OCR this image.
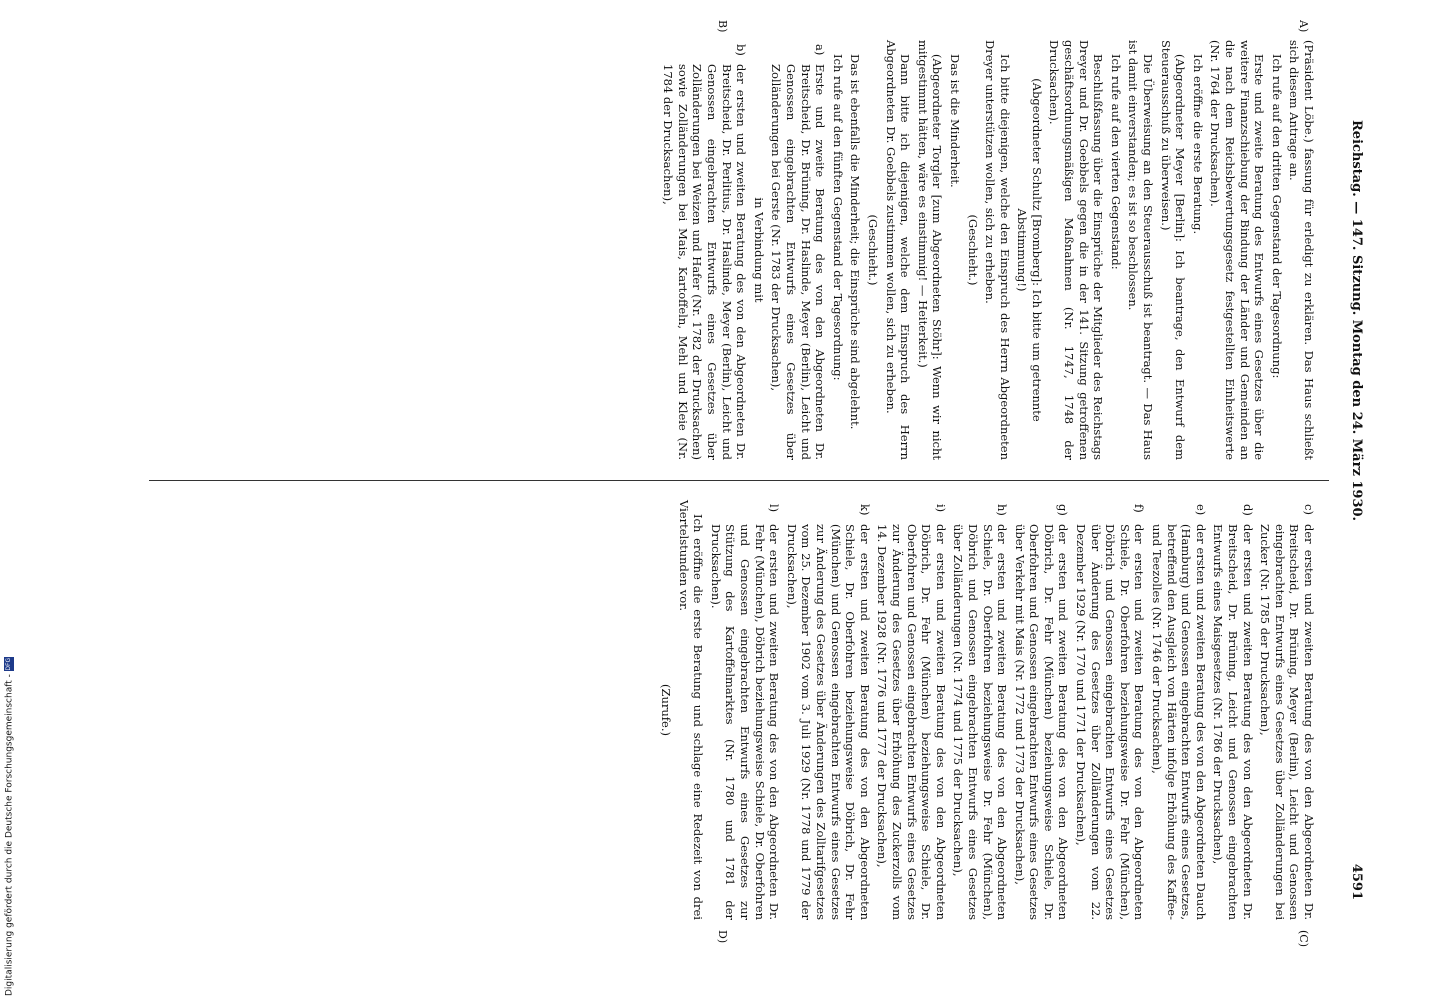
Reichstag. — 147. Sitzung. Montag den 24. März 1930.
4591
A)
B)
(C)
D)

(Präsident Löbe.) fassung für erledigt zu erklären. Das Haus schließt sich diesem Antrage an.

Ich rufe auf den dritten Gegenstand der Tagesordnung:

Erste und zweite Beratung des Entwurfs eines Gesetzes über die weitere Finanzschiebung der Bindung der Länder und Gemeinden an die nach dem Reichsbewertungsgesetz festgestellten Einheitswerte (Nr. 1764 der Drucksachen).

Ich eröffne die erste Beratung.

(Abgeordneter Meyer [Berlin]: Ich beantrage, den Entwurf dem Steuerausschuß zu überweisen.)

Die Überweisung an den Steuerausschuß ist beantragt. — Das Haus ist damit einverstanden; es ist so beschlossen.

Ich rufe auf den vierten Gegenstand:

Beschlußfassung über die Einsprüche der Mitglieder des Reichstags Dreyer und Dr. Goebbels gegen die in der 141. Sitzung getroffenen geschäftsordnungsmäßigen Maßnahmen (Nr. 1747, 1748 der Drucksachen).

(Abgeordneter Schultz [Bromberg]: Ich bitte um getrennte Abstimmung!)

Ich bitte diejenigen, welche den Einspruch des Herrn Abgeordneten Dreyer unterstützen wollen, sich zu erheben.

(Geschieht.)

Das ist die Minderheit.

(Abgeordneter Torgler [zum Abgeordneten Stöhr]: Wenn wir nicht mitgestimmt hätten, wäre es einstimmig! — Heiterkeit.)

Dann bitte ich diejenigen, welche dem Einspruch des Herrn Abgeordneten Dr. Goebbels zustimmen wollen, sich zu erheben.

(Geschieht.)

Das ist ebenfalls die Minderheit; die Einsprüche sind abgelehnt.

Ich rufe auf den fünften Gegenstand der Tagesordnung:

a)
Erste und zweite Beratung des von den Abgeordneten Dr. Breitscheid, Dr. Brüning, Dr. Haslinde, Meyer (Berlin), Leicht und Genossen eingebrachten Entwurfs eines Gesetzes über Zolländerungen bei Gerste (Nr. 1783 der Drucksachen),

in Verbindung mit

b)
der ersten und zweiten Beratung des von den Abgeordneten Dr. Breitscheid, Dr. Perlitius, Dr. Haslinde, Meyer (Berlin), Leicht und Genossen eingebrachten Entwurfs eines Gesetzes über Zolländerungen bei Weizen und Hafer (Nr. 1782 der Drucksachen) sowie Zolländerungen bei Mais, Kartoffeln, Mehl und Kleie (Nr. 1784 der Drucksachen),
c)
der ersten und zweiten Beratung des von den Abgeordneten Dr. Breitscheid, Dr. Brüning, Meyer (Berlin), Leicht und Genossen eingebrachten Entwurfs eines Gesetzes über Zolländerungen bei Zucker (Nr. 1785 der Drucksachen),
d)
der ersten und zweiten Beratung des von den Abgeordneten Dr. Breitscheid, Dr. Brüning, Leicht und Genossen eingebrachten Entwurfs eines Maisgesetzes (Nr. 1786 der Drucksachen),
e)
der ersten und zweiten Beratung des von den Abgeordneten Dauch (Hamburg) und Genossen eingebrachten Entwurfs eines Gesetzes, betreffend den Ausgleich von Härten infolge Erhöhung des Kaffee- und Teezolles (Nr. 1746 der Drucksachen),
f)
der ersten und zweiten Beratung des von den Abgeordneten Schiele, Dr. Oberfohren beziehungsweise Dr. Fehr (München), Döbrich und Genossen eingebrachten Entwurfs eines Gesetzes über Änderung des Gesetzes über Zolländerungen vom 22. Dezember 1929 (Nr. 1770 und 1771 der Drucksachen),
g)
der ersten und zweiten Beratung des von den Abgeordneten Döbrich, Dr. Fehr (München) beziehungsweise Schiele, Dr. Oberfohren und Genossen eingebrachten Entwurfs eines Gesetzes über Verkehr mit Mais (Nr. 1772 und 1773 der Drucksachen),
h)
der ersten und zweiten Beratung des von den Abgeordneten Schiele, Dr. Oberfohren beziehungsweise Dr. Fehr (München), Döbrich und Genossen eingebrachten Entwurfs eines Gesetzes über Zolländerungen (Nr. 1774 und 1775 der Drucksachen),
i)
der ersten und zweiten Beratung des von den Abgeordneten Döbrich, Dr. Fehr (München) beziehungsweise Schiele, Dr. Oberfohren und Genossen eingebrachten Entwurfs eines Gesetzes zur Änderung des Gesetzes über Erhöhung des Zuckerzolls vom 14. Dezember 1928 (Nr. 1776 und 1777 der Drucksachen),
k)
der ersten und zweiten Beratung des von den Abgeordneten Schiele, Dr. Oberfohren beziehungsweise Döbrich, Dr. Fehr (München) und Genossen eingebrachten Entwurfs eines Gesetzes zur Änderung des Gesetzes über Änderungen des Zolltarifgesetzes vom 25. Dezember 1902 vom 3. Juli 1929 (Nr. 1778 und 1779 der Drucksachen),
l)
der ersten und zweiten Beratung des von den Abgeordneten Dr. Fehr (München), Döbrich beziehungsweise Schiele, Dr. Oberfohren und Genossen eingebrachten Entwurfs eines Gesetzes zur Stützung des Kartoffelmarktes (Nr. 1780 und 1781 der Drucksachen).

Ich eröffne die erste Beratung und schlage eine Redezeit von drei Viertelstunden vor.

(Zurufe.)

Digitalisierung gefördert durch die Deutsche Forschungsgemeinschaft - DFG
